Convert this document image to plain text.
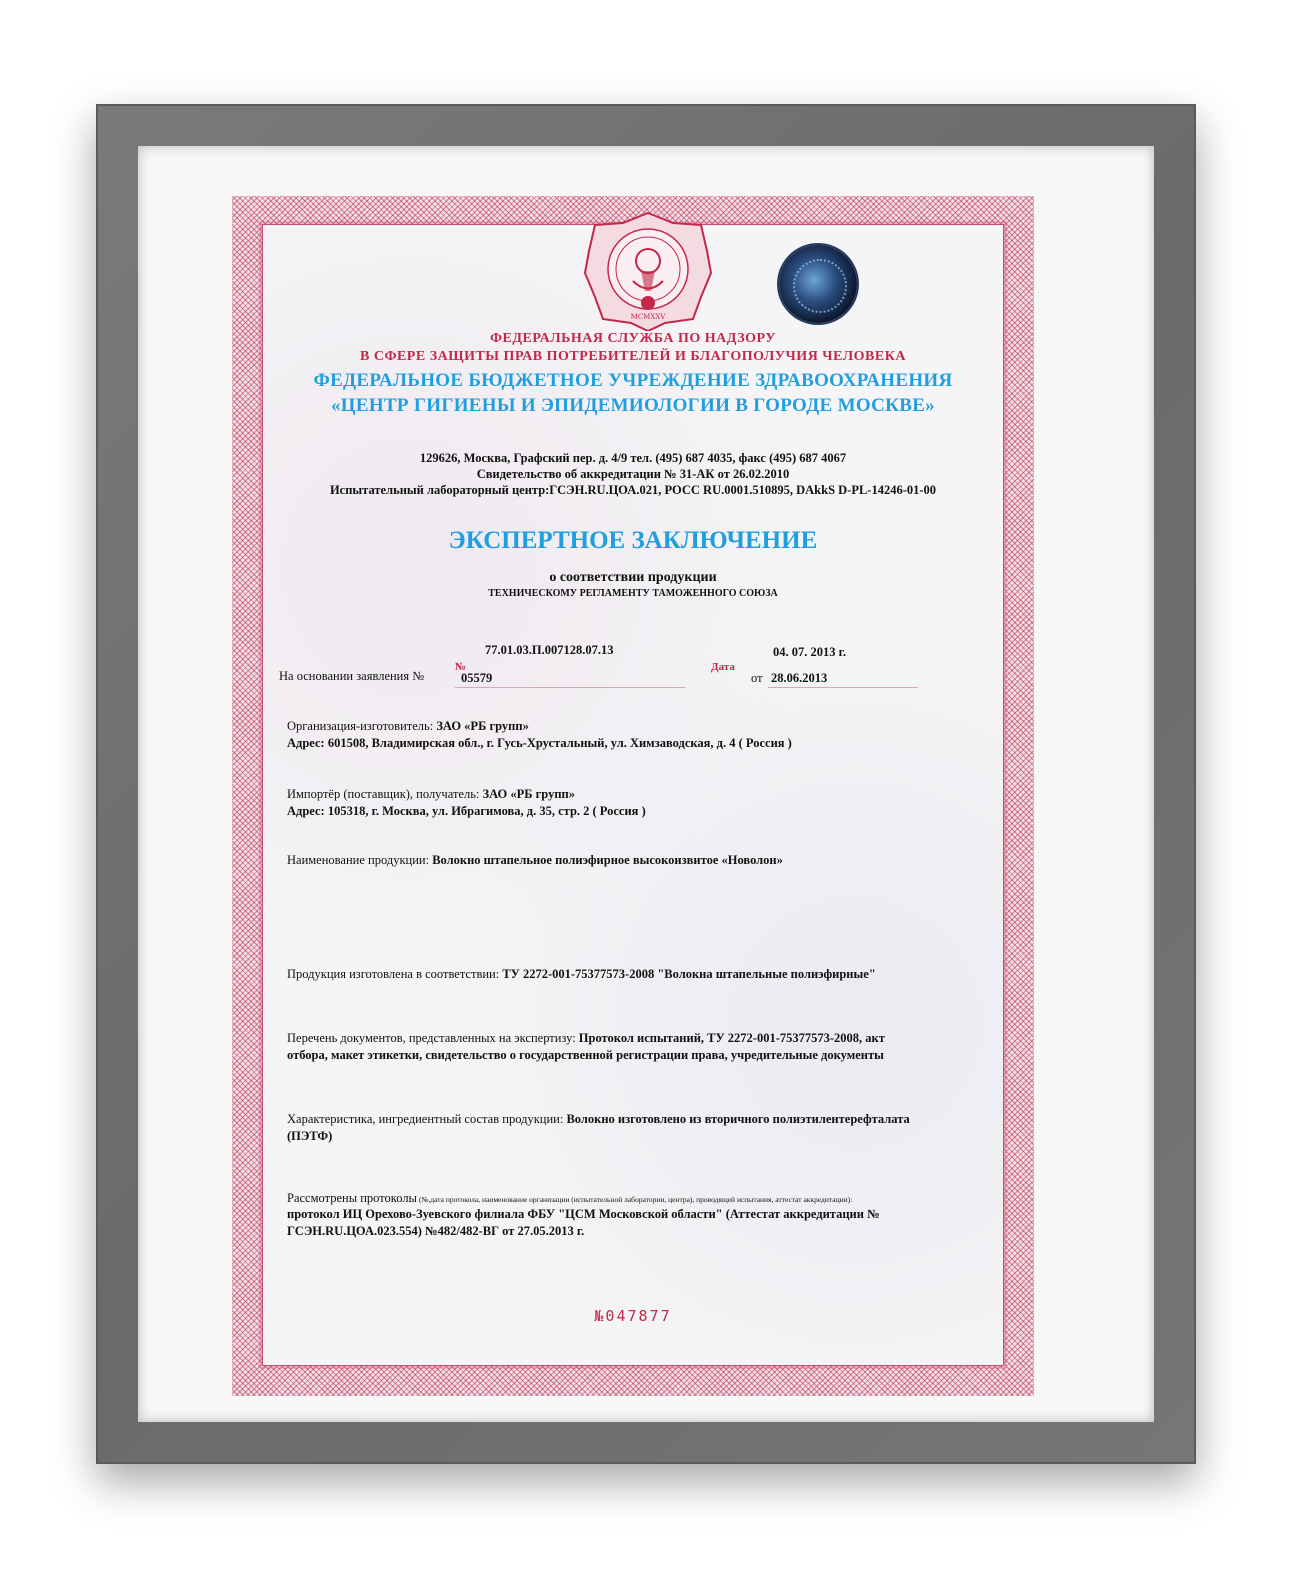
MCMXXV
ФЕДЕРАЛЬНАЯ СЛУЖБА ПО НАДЗОРУ
В СФЕРЕ ЗАЩИТЫ ПРАВ ПОТРЕБИТЕЛЕЙ И БЛАГОПОЛУЧИЯ ЧЕЛОВЕКА
ФЕДЕРАЛЬНОЕ БЮДЖЕТНОЕ УЧРЕЖДЕНИЕ ЗДРАВООХРАНЕНИЯ
«ЦЕНТР ГИГИЕНЫ И ЭПИДЕМИОЛОГИИ В ГОРОДЕ МОСКВЕ»
129626, Москва, Графский пер. д. 4/9 тел. (495) 687 4035, факс (495) 687 4067
Свидетельство об аккредитации № 31-АК от 26.02.2010
Испытательный лабораторный центр:ГСЭН.RU.ЦОА.021, РОСС RU.0001.510895, DAkkS D-PL-14246-01-00
ЭКСПЕРТНОЕ ЗАКЛЮЧЕНИЕ
о соответствии продукции
ТЕХНИЧЕСКОМУ РЕГЛАМЕНТУ ТАМОЖЕННОГО СОЮЗА
77.01.03.П.007128.07.13	04. 07. 2013 г.
На основании заявления №
№
05579
Дата
от 28.06.2013
Организация-изготовитель: ЗАО «РБ групп»
Адрес: 601508, Владимирская обл., г. Гусь-Хрустальный, ул. Химзаводская, д. 4 ( Россия )
Импортёр (поставщик), получатель: ЗАО «РБ групп»
Адрес: 105318, г. Москва, ул. Ибрагимова, д. 35, стр. 2 ( Россия )
Наименование продукции: Волокно штапельное полиэфирное высокоизвитое «Новолон»
Продукция изготовлена в соответствии: ТУ 2272-001-75377573-2008 "Волокна штапельные полиэфирные"
Перечень документов, представленных на экспертизу: Протокол испытаний, ТУ 2272-001-75377573-2008, акт
отбора, макет этикетки, свидетельство о государственной регистрации права, учредительные документы
Характеристика, ингредиентный состав продукции: Волокно изготовлено из вторичного полиэтилентерефталата
(ПЭТФ)
Рассмотрены протоколы (№,дата протокола, наименование организации (испытательной лаборатории, центра), проводящей испытания, аттестат аккредитации):
протокол ИЦ Орехово-Зуевского филиала ФБУ "ЦСМ Московской области" (Аттестат аккредитации №
ГСЭН.RU.ЦОА.023.554) №482/482-ВГ от 27.05.2013 г.
№047877
